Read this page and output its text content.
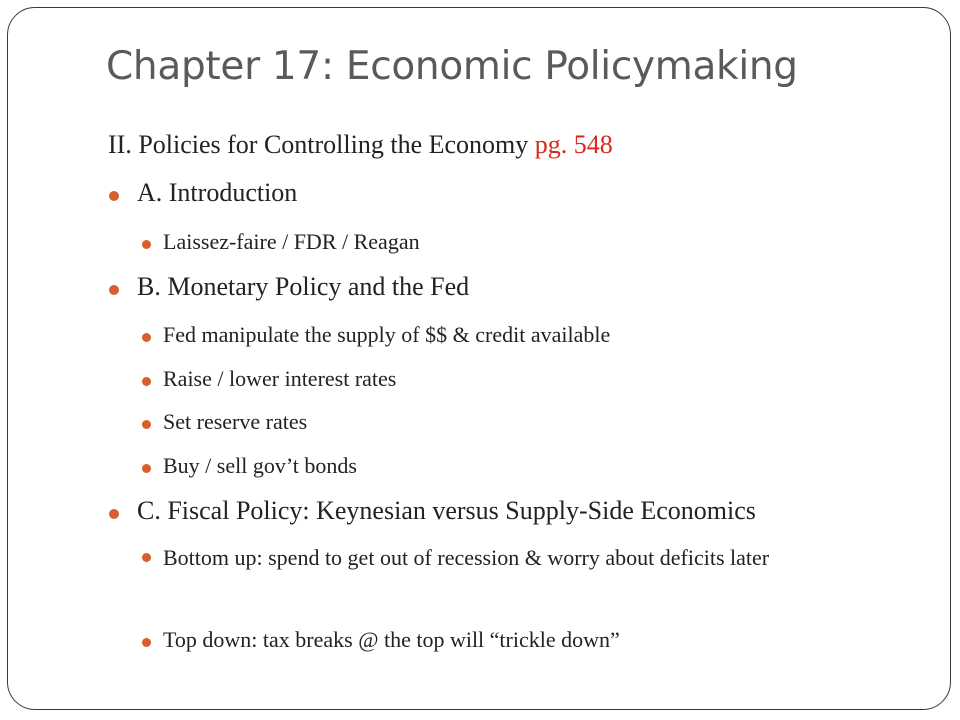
Chapter 17: Economic Policymaking
II. Policies for Controlling the Economy pg. 548
A. Introduction
Laissez-faire / FDR / Reagan
B. Monetary Policy and the Fed
Fed manipulate the supply of $$ & credit available
Raise / lower interest rates
Set reserve rates
Buy / sell gov’t bonds
C. Fiscal Policy: Keynesian versus Supply-Side Economics
Bottom up: spend to get out of recession & worry about deficits later
Top down: tax breaks @ the top will “trickle down”
